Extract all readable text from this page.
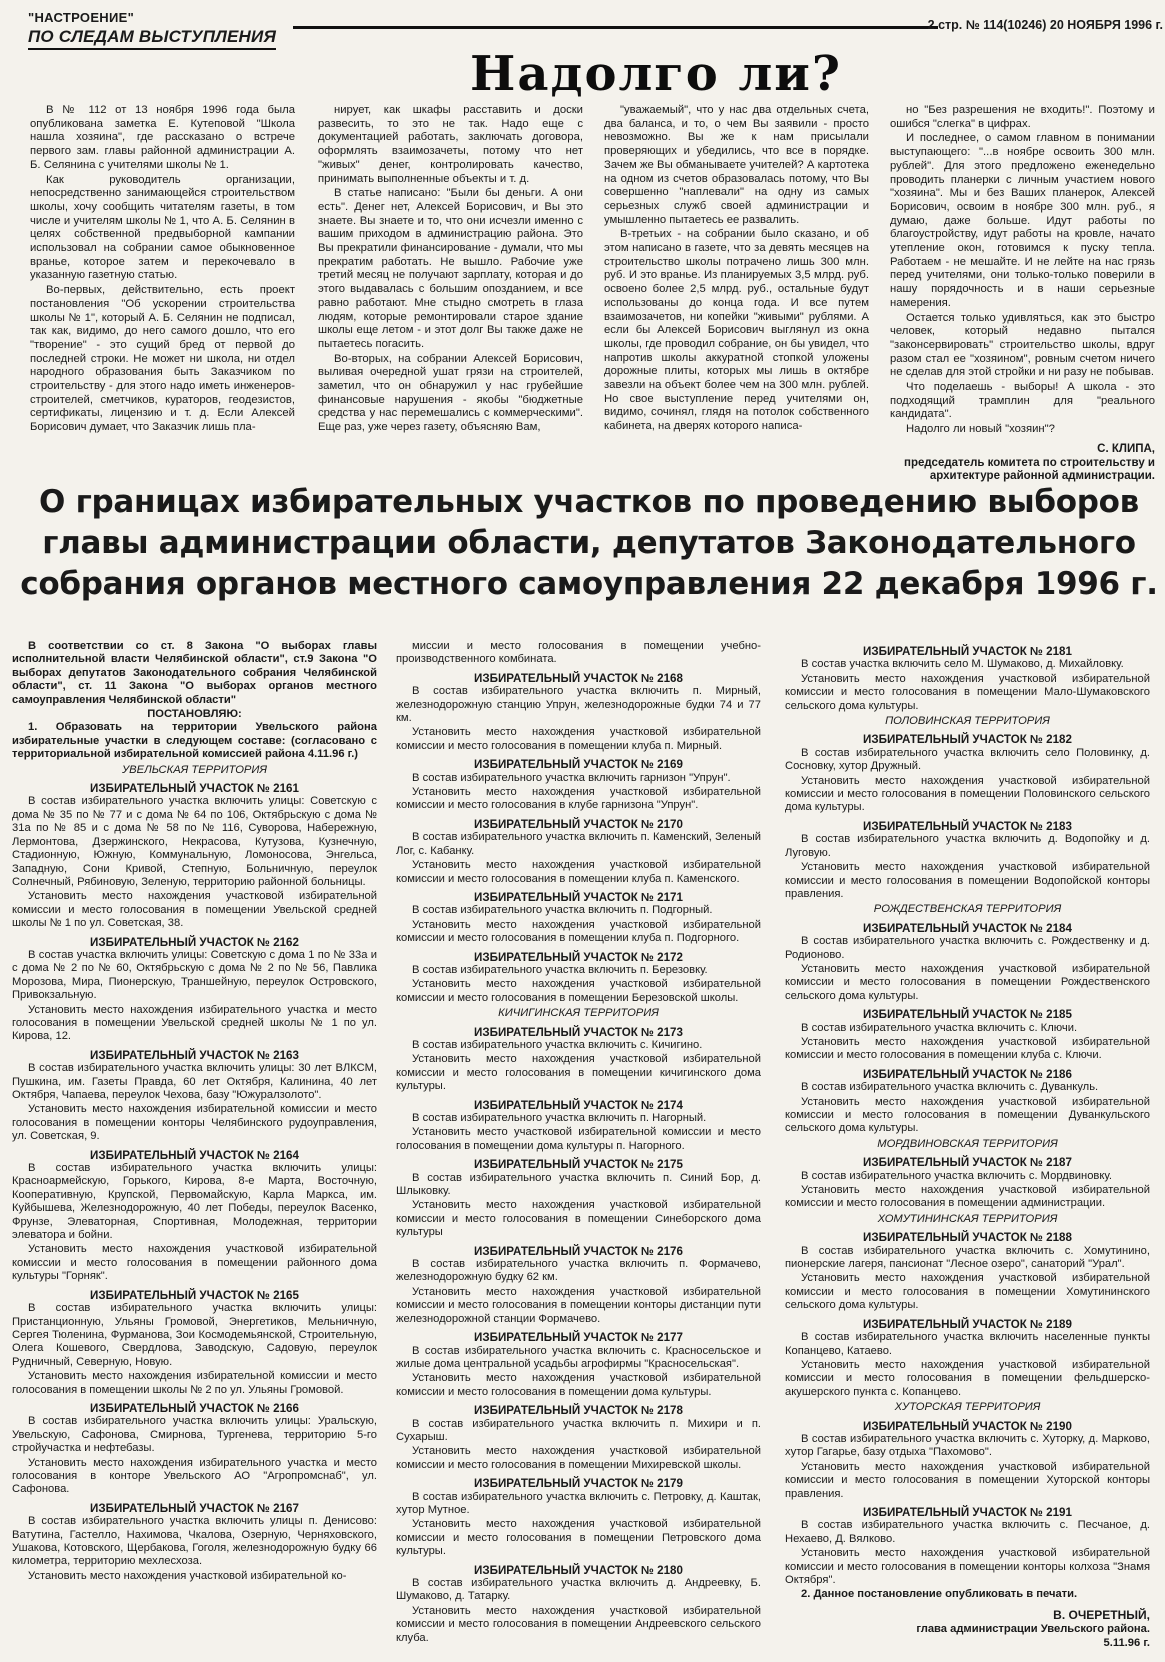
"НАСТРОЕНИЕ"
ПО СЛЕДАМ ВЫСТУПЛЕНИЯ
2 стр. № 114(10246) 20 НОЯБРЯ 1996 г.
Надолго ли?

В № 112 от 13 ноября 1996 года была опубликована заметка Е. Кутеповой "Школа нашла хозяина", где рассказано о встрече первого зам. главы районной администрации А. Б. Селянина с учителями школы № 1.

Как руководитель организации, непосредственно занимающейся строительством школы, хочу сообщить читателям газеты, в том числе и учителям школы № 1, что А. Б. Селянин в целях собственной предвыборной кампании использовал на собрании самое обыкновенное вранье, которое затем и перекочевало в указанную газетную статью.

Во-первых, действительно, есть проект постановления "Об ускорении строительства школы № 1", который А. Б. Селянин не подписал, так как, видимо, до него самого дошло, что его "творение" - это сущий бред от первой до последней строки. Не может ни школа, ни отдел народного образования быть Заказчиком по строительству - для этого надо иметь инженеров-строителей, сметчиков, кураторов, геодезистов, сертификаты, лицензию и т. д. Если Алексей Борисович думает, что Заказчик лишь пла-

нирует, как шкафы расставить и доски развесить, то это не так. Надо еще с документацией работать, заключать договора, оформлять взаимозачеты, потому что нет "живых" денег, контролировать качество, принимать выполненные объекты и т. д.

В статье написано: "Были бы деньги. А они есть". Денег нет, Алексей Борисович, и Вы это знаете. Вы знаете и то, что они исчезли именно с вашим приходом в администрацию района. Это Вы прекратили финансирование - думали, что мы прекратим работать. Не вышло. Рабочие уже третий месяц не получают зарплату, которая и до этого выдавалась с большим опозданием, и все равно работают. Мне стыдно смотреть в глаза людям, которые ремонтировали старое здание школы еще летом - и этот долг Вы также даже не пытаетесь погасить.

Во-вторых, на собрании Алексей Борисович, выливая очередной ушат грязи на строителей, заметил, что он обнаружил у нас грубейшие финансовые нарушения - якобы "бюджетные средства у нас перемешались с коммерческими". Еще раз, уже через газету, объясняю Вам,

"уважаемый", что у нас два отдельных счета, два баланса, и то, о чем Вы заявили - просто невозможно. Вы же к нам присылали проверяющих и убедились, что все в порядке. Зачем же Вы обманываете учителей? А картотека на одном из счетов образовалась потому, что Вы совершенно "наплевали" на одну из самых серьезных служб своей администрации и умышленно пытаетесь ее развалить.

В-третьих - на собрании было сказано, и об этом написано в газете, что за девять месяцев на строительство школы потрачено лишь 300 млн. руб. И это вранье. Из планируемых 3,5 млрд. руб. освоено более 2,5 млрд. руб., остальные будут использованы до конца года. И все путем взаимозачетов, ни копейки "живыми" рублями. А если бы Алексей Борисович выглянул из окна школы, где проводил собрание, он бы увидел, что напротив школы аккуратной стопкой уложены дорожные плиты, которых мы лишь в октябре завезли на объект более чем на 300 млн. рублей. Но свое выступление перед учителями он, видимо, сочинял, глядя на потолок собственного кабинета, на дверях которого написа-

но "Без разрешения не входить!". Поэтому и ошибся "слегка" в цифрах.

И последнее, о самом главном в понимании выступающего: "...в ноябре освоить 300 млн. рублей". Для этого предложено еженедельно проводить планерки с личным участием нового "хозяина". Мы и без Ваших планерок, Алексей Борисович, освоим в ноябре 300 млн. руб., я думаю, даже больше. Идут работы по благоустройству, идут работы на кровле, начато утепление окон, готовимся к пуску тепла. Работаем - не мешайте. И не лейте на нас грязь перед учителями, они только-только поверили в нашу порядочность и в наши серьезные намерения.

Остается только удивляться, как это быстро человек, который недавно пытался "законсервировать" строительство школы, вдруг разом стал ее "хозяином", ровным счетом ничего не сделав для этой стройки и ни разу не побывав.

Что поделаешь - выборы! А школа - это подходящий трамплин для "реального кандидата".

Надолго ли новый "хозяин"?

С. КЛИПА,
председатель комитета по строительству и архитектуре районной администрации.
О границах избирательных участков по проведению выборов главы администрации области, депутатов Законодательного собрания органов местного самоуправления 22 декабря 1996 г.

В соответствии со ст. 8 Закона "О выборах главы исполнительной власти Челябинской области", ст.9 Закона "О выборах депутатов Законодательного собрания Челябинской области", ст. 11 Закона "О выборах органов местного самоуправления Челябинской области"

ПОСТАНОВЛЯЮ:

1. Образовать на территории Увельского района избирательные участки в следующем составе: (согласовано с территориальной избирательной комиссией района 4.11.96 г.)

УВЕЛЬСКАЯ ТЕРРИТОРИЯ

ИЗБИРАТЕЛЬНЫЙ УЧАСТОК № 2161

В состав избирательного участка включить улицы: Советскую с дома № 35 по № 77 и с дома № 64 по 106, Октябрьскую с дома № 31а по № 85 и с дома № 58 по № 116, Суворова, Набережную, Лермонтова, Дзержинского, Некрасова, Кутузова, Кузнечную, Стадионную, Южную, Коммунальную, Ломоносова, Энгельса, Западную, Сони Кривой, Степную, Больничную, переулок Солнечный, Рябиновую, Зеленую, территорию районной больницы.

Установить место нахождения участковой избирательной комиссии и место голосования в помещении Увельской средней школы № 1 по ул. Советская, 38.

ИЗБИРАТЕЛЬНЫЙ УЧАСТОК № 2162

В состав участка включить улицы: Советскую с дома 1 по № 33а и с дома № 2 по № 60, Октябрьскую с дома № 2 по № 56, Павлика Морозова, Мира, Пионерскую, Траншейную, переулок Островского, Привокзальную.

Установить место нахождения избирательного участка и место голосования в помещении Увельской средней школы № 1 по ул. Кирова, 12.

ИЗБИРАТЕЛЬНЫЙ УЧАСТОК № 2163

В состав избирательного участка включить улицы: 30 лет ВЛКСМ, Пушкина, им. Газеты Правда, 60 лет Октября, Калинина, 40 лет Октября, Чапаева, переулок Чехова, базу "Южуралзолото".

Установить место нахождения избирательной комиссии и место голосования в помещении конторы Челябинского рудоуправления, ул. Советская, 9.

ИЗБИРАТЕЛЬНЫЙ УЧАСТОК № 2164

В состав избирательного участка включить улицы: Красноармейскую, Горького, Кирова, 8-е Марта, Восточную, Кооперативную, Крупской, Первомайскую, Карла Маркса, им. Куйбышева, Железнодорожную, 40 лет Победы, переулок Васенко, Фрунзе, Элеваторная, Спортивная, Молодежная, территории элеватора и бойни.

Установить место нахождения участковой избирательной комиссии и место голосования в помещении районного дома культуры "Горняк".

ИЗБИРАТЕЛЬНЫЙ УЧАСТОК № 2165

В состав избирательного участка включить улицы: Пристанционную, Ульяны Громовой, Энергетиков, Мельничную, Сергея Тюленина, Фурманова, Зои Космодемьянской, Строительную, Олега Кошевого, Свердлова, Заводскую, Садовую, переулок Рудничный, Северную, Новую.

Установить место нахождения избирательной комиссии и место голосования в помещении школы № 2 по ул. Ульяны Громовой.

ИЗБИРАТЕЛЬНЫЙ УЧАСТОК № 2166

В состав избирательного участка включить улицы: Уральскую, Увельскую, Сафонова, Смирнова, Тургенева, территорию 5-го стройучастка и нефтебазы.

Установить место нахождения избирательного участка и место голосования в конторе Увельского АО "Агропромснаб", ул. Сафонова.

ИЗБИРАТЕЛЬНЫЙ УЧАСТОК № 2167

В состав избирательного участка включить улицы п. Денисово: Ватутина, Гастелло, Нахимова, Чкалова, Озерную, Черняховского, Ушакова, Котовского, Щербакова, Гоголя, железнодорожную будку 66 километра, территорию мехлесхоза.

Установить место нахождения участковой избирательной ко-

миссии и место голосования в помещении учебно-производственного комбината.

ИЗБИРАТЕЛЬНЫЙ УЧАСТОК № 2168

В состав избирательного участка включить п. Мирный, железнодорожную станцию Упрун, железнодорожные будки 74 и 77 км.

Установить место нахождения участковой избирательной комиссии и место голосования в помещении клуба п. Мирный.

ИЗБИРАТЕЛЬНЫЙ УЧАСТОК № 2169

В состав избирательного участка включить гарнизон "Упрун".

Установить место нахождения участковой избирательной комиссии и место голосования в клубе гарнизона "Упрун".

ИЗБИРАТЕЛЬНЫЙ УЧАСТОК № 2170

В состав избирательного участка включить п. Каменский, Зеленый Лог, с. Кабанку.

Установить место нахождения участковой избирательной комиссии и место голосования в помещении клуба п. Каменского.

ИЗБИРАТЕЛЬНЫЙ УЧАСТОК № 2171

В состав избирательного участка включить п. Подгорный.

Установить место нахождения участковой избирательной комиссии и место голосования в помещении клуба п. Подгорного.

ИЗБИРАТЕЛЬНЫЙ УЧАСТОК № 2172

В состав избирательного участка включить п. Березовку.

Установить место нахождения участковой избирательной комиссии и место голосования в помещении Березовской школы.

КИЧИГИНСКАЯ ТЕРРИТОРИЯ

ИЗБИРАТЕЛЬНЫЙ УЧАСТОК № 2173

В состав избирательного участка включить с. Кичигино.

Установить место нахождения участковой избирательной комиссии и место голосования в помещении кичигинского дома культуры.

ИЗБИРАТЕЛЬНЫЙ УЧАСТОК № 2174

В состав избирательного участка включить п. Нагорный.

Установить место участковой избирательной комиссии и место голосования в помещении дома культуры п. Нагорного.

ИЗБИРАТЕЛЬНЫЙ УЧАСТОК № 2175

В состав избирательного участка включить п. Синий Бор, д. Шлыковку.

Установить место нахождения участковой избирательной комиссии и место голосования в помещении Синеборского дома культуры

ИЗБИРАТЕЛЬНЫЙ УЧАСТОК № 2176

В состав избирательного участка включить п. Формачево, железнодорожную будку 62 км.

Установить место нахождения участковой избирательной комиссии и место голосования в помещении конторы дистанции пути железнодорожной станции Формачево.

ИЗБИРАТЕЛЬНЫЙ УЧАСТОК № 2177

В состав избирательного участка включить с. Красносельское и жилые дома центральной усадьбы агрофирмы "Красносельская".

Установить место нахождения участковой избирательной комиссии и место голосования в помещении дома культуры.

ИЗБИРАТЕЛЬНЫЙ УЧАСТОК № 2178

В состав избирательного участка включить п. Михири и п. Сухарыш.

Установить место нахождения участковой избирательной комиссии и место голосования в помещении Михиревской школы.

ИЗБИРАТЕЛЬНЫЙ УЧАСТОК № 2179

В состав избирательного участка включить с. Петровку, д. Каштак, хутор Мутное.

Установить место нахождения участковой избирательной комиссии и место голосования в помещении Петровского дома культуры.

ИЗБИРАТЕЛЬНЫЙ УЧАСТОК № 2180

В состав избирательного участка включить д. Андреевку, Б. Шумаково, д. Татарку.

Установить место нахождения участковой избирательной комиссии и место голосования в помещении Андреевского сельского клуба.

ИЗБИРАТЕЛЬНЫЙ УЧАСТОК № 2181

В состав участка включить село М. Шумаково, д. Михайловку.

Установить место нахождения участковой избирательной комиссии и место голосования в помещении Мало-Шумаковского сельского дома культуры.

ПОЛОВИНСКАЯ ТЕРРИТОРИЯ

ИЗБИРАТЕЛЬНЫЙ УЧАСТОК № 2182

В состав избирательного участка включить село Половинку, д. Сосновку, хутор Дружный.

Установить место нахождения участковой избирательной комиссии и место голосования в помещении Половинского сельского дома культуры.

ИЗБИРАТЕЛЬНЫЙ УЧАСТОК № 2183

В состав избирательного участка включить д. Водопойку и д. Луговую.

Установить место нахождения участковой избирательной комиссии и место голосования в помещении Водопойской конторы правления.

РОЖДЕСТВЕНСКАЯ ТЕРРИТОРИЯ

ИЗБИРАТЕЛЬНЫЙ УЧАСТОК № 2184

В состав избирательного участка включить с. Рождественку и д. Родионово.

Установить место нахождения участковой избирательной комиссии и место голосования в помещении Рождественского сельского дома культуры.

ИЗБИРАТЕЛЬНЫЙ УЧАСТОК № 2185

В состав избирательного участка включить с. Ключи.

Установить место нахождения участковой избирательной комиссии и место голосования в помещении клуба с. Ключи.

ИЗБИРАТЕЛЬНЫЙ УЧАСТОК № 2186

В состав избирательного участка включить с. Дуванкуль.

Установить место нахождения участковой избирательной комиссии и место голосования в помещении Дуванкульского сельского дома культуры.

МОРДВИНОВСКАЯ ТЕРРИТОРИЯ

ИЗБИРАТЕЛЬНЫЙ УЧАСТОК № 2187

В состав избирательного участка включить с. Мордвиновку.

Установить место нахождения участковой избирательной комиссии и место голосования в помещении администрации.

ХОМУТИНИНСКАЯ ТЕРРИТОРИЯ

ИЗБИРАТЕЛЬНЫЙ УЧАСТОК № 2188

В состав избирательного участка включить с. Хомутинино, пионерские лагеря, пансионат "Лесное озеро", санаторий "Урал".

Установить место нахождения участковой избирательной комиссии и место голосования в помещении Хомутининского сельского дома культуры.

ИЗБИРАТЕЛЬНЫЙ УЧАСТОК № 2189

В состав избирательного участка включить населенные пункты Копанцево, Катаево.

Установить место нахождения участковой избирательной комиссии и место голосования в помещении фельдшерско-акушерского пункта с. Копанцево.

ХУТОРСКАЯ ТЕРРИТОРИЯ

ИЗБИРАТЕЛЬНЫЙ УЧАСТОК № 2190

В состав избирательного участка включить с. Хуторку, д. Марково, хутор Гагарье, базу отдыха "Пахомово".

Установить место нахождения участковой избирательной комиссии и место голосования в помещении Хуторской конторы правления.

ИЗБИРАТЕЛЬНЫЙ УЧАСТОК № 2191

В состав избирательного участка включить с. Песчаное, д. Нехаево, Д. Вялково.

Установить место нахождения участковой избирательной комиссии и место голосования в помещении конторы колхоза "Знамя Октября".

2. Данное постановление опубликовать в печати.

В. ОЧЕРЕТНЫЙ,
глава администрации Увельского района.
5.11.96 г.
